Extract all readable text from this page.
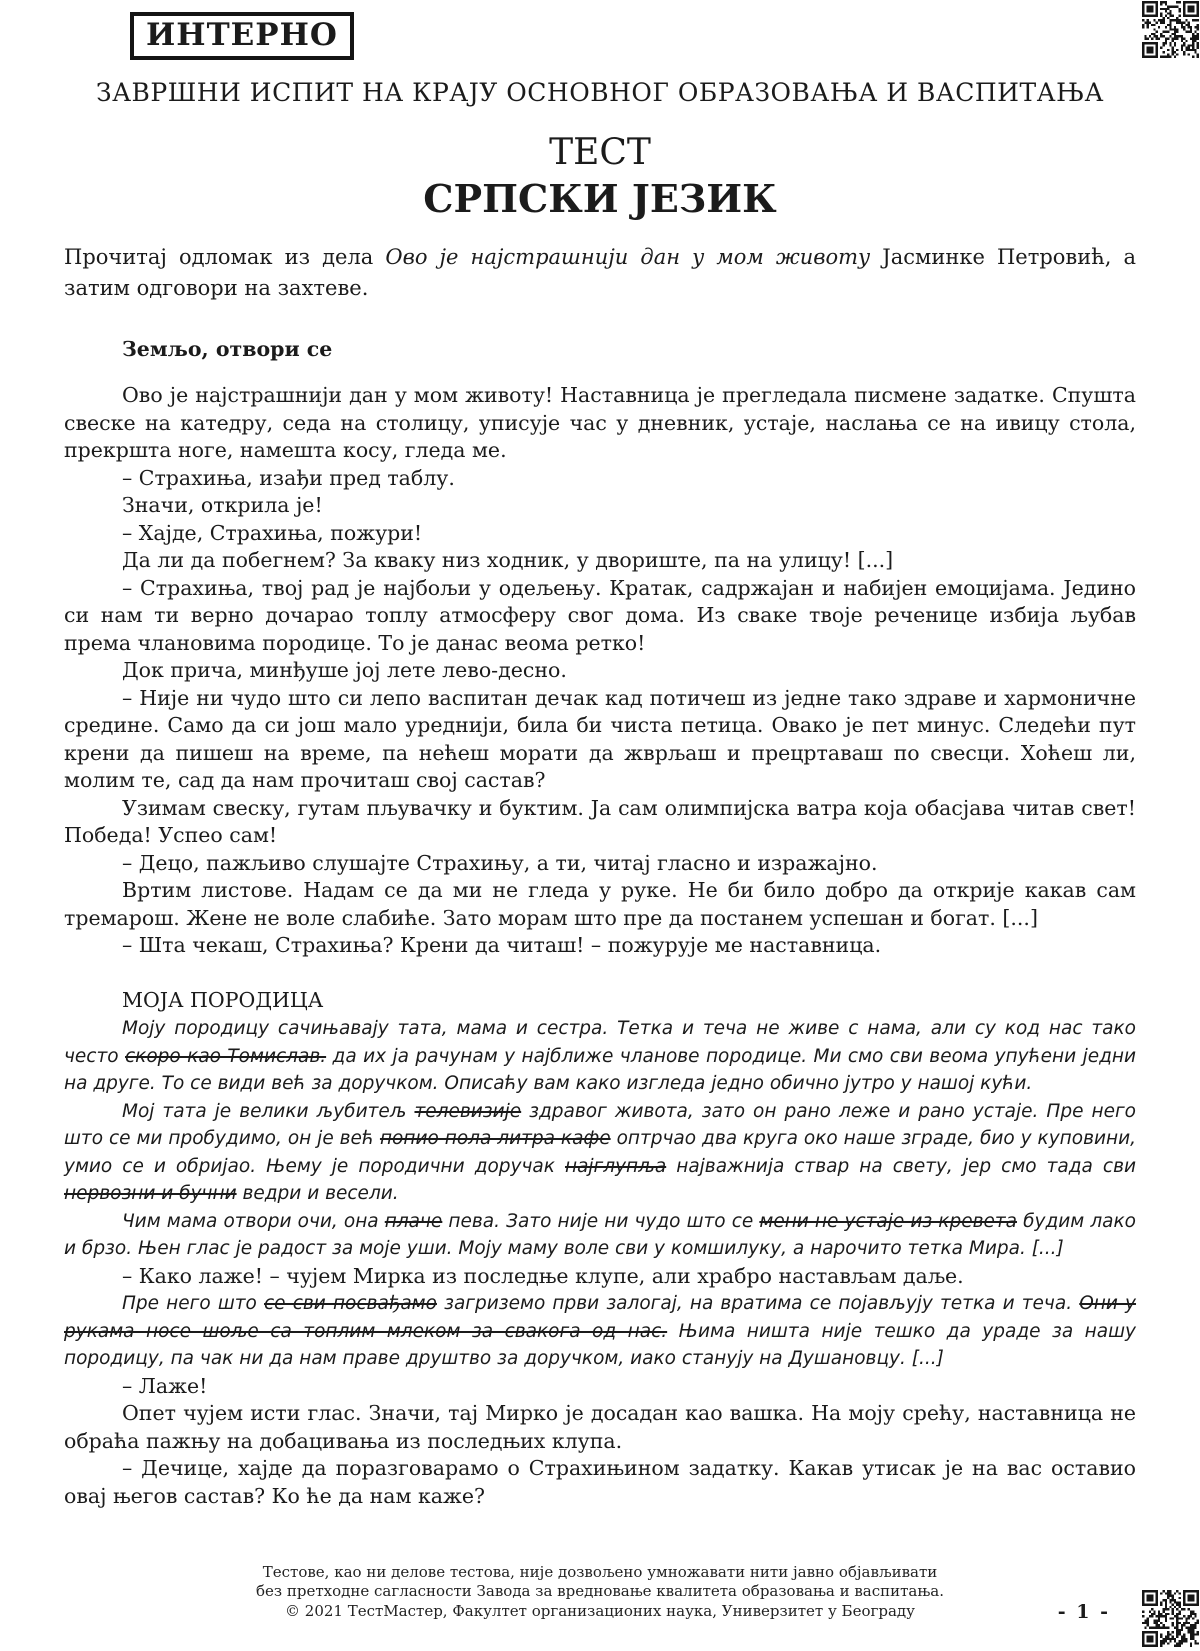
ИНТЕРНО
ЗАВРШНИ ИСПИТ НА КРАЈУ ОСНОВНОГ ОБРАЗОВАЊА И ВАСПИТАЊА
ТЕСТ
СРПСКИ ЈЕЗИК

Прочитај одломак из дела Ово је најстрашнији дан у мом животу Јасминке Петровић, а затим одговори на захтеве.

Земљо, отвори се

Ово је најстрашнији дан у мом животу! Наставница је прегледала писмене задатке. Спушта свеске на катедру, седа на столицу, уписује час у дневник, устаје, наслања се на ивицу стола, прекршта ноге, намешта косу, гледа ме.

– Страхиња, изађи пред таблу.

Значи, открила је!

– Хајде, Страхиња, пожури!

Да ли да побегнем? За кваку низ ходник, у двориште, па на улицу! [...]

– Страхиња, твој рад је најбољи у одељењу. Кратак, садржајан и набијен емоцијама. Једино си нам ти верно дочарао топлу атмосферу свог дома. Из сваке твоје реченице избија љубав према члановима породице. То је данас веома ретко!

Док прича, минђуше јој лете лево-десно.

– Није ни чудо што си лепо васпитан дечак кад потичеш из једне тако здраве и хармоничне средине. Само да си још мало уреднији, била би чиста петица. Овако је пет минус. Следећи пут крени да пишеш на време, па нећеш морати да жврљаш и прецртаваш по свесци. Хоћеш ли, молим те, сад да нам прочиташ свој састав?

Узимам свеску, гутам пљувачку и буктим. Ја сам олимпијска ватра која обасјава читав свет! Победа! Успео сам!

– Децо, пажљиво слушајте Страхињу, а ти, читај гласно и изражајно.

Вртим листове. Надам се да ми не гледа у руке. Не би било добро да открије какав сам тремарош. Жене не воле слабиће. Зато морам што пре да постанем успешан и богат. [...]

– Шта чекаш, Страхиња? Крени да читаш! – пожурује ме наставница.

МОЈА ПОРОДИЦА

Моју породицу сачињавају тата, мама и сестра. Тетка и теча не живе с нама, али су код нас тако често скоро као Томислав. да их ја рачунам у најближе чланове породице. Ми смо сви веома упућени једни на друге. То се види већ за доручком. Описаћу вам како изгледа једно обично јутро у нашој кући.

Мој тата је велики љубитељ телевизије здравог живота, зато он рано леже и рано устаје. Пре него што се ми пробудимо, он је већ попио пола литра кафе оптрчао два круга око наше зграде, био у куповини, умио се и обријао. Њему је породични доручак најглупља најважнија ствар на свету, јер смо тада сви нервозни и бучни ведри и весели.

Чим мама отвори очи, она плаче пева. Зато није ни чудо што се мени не устаје из кревета будим лако и брзо. Њен глас је радост за моје уши. Моју маму воле сви у комшилуку, а нарочито тетка Мира. [...]

– Како лаже! – чујем Мирка из последње клупе, али храбро настављам даље.

Пре него што се сви посвађамо загриземо први залогај, на вратима се појављују тетка и теча. Они у рукама носе шоље са топлим млеком за свакога од нас. Њима ништа није тешко да ураде за нашу породицу, па чак ни да нам праве друштво за доручком, иако станују на Душановцу. [...]

– Лаже!

Опет чујем исти глас. Значи, тај Мирко је досадан као вашка. На моју срећу, наставница не обраћа пажњу на добацивања из последњих клупа.

– Дечице, хајде да поразговарамо о Страхињином задатку. Какав утисак је на вас оставио овај његов састав? Ко ће да нам каже?

Тестове, као ни делове тестова, није дозвољено умножавати нити јавно објављивати
без претходне сагласности Завода за вредновање квалитета образовања и васпитања.
© 2021 ТестМастер, Факултет организационих наука, Универзитет у Београду	- 1 -
